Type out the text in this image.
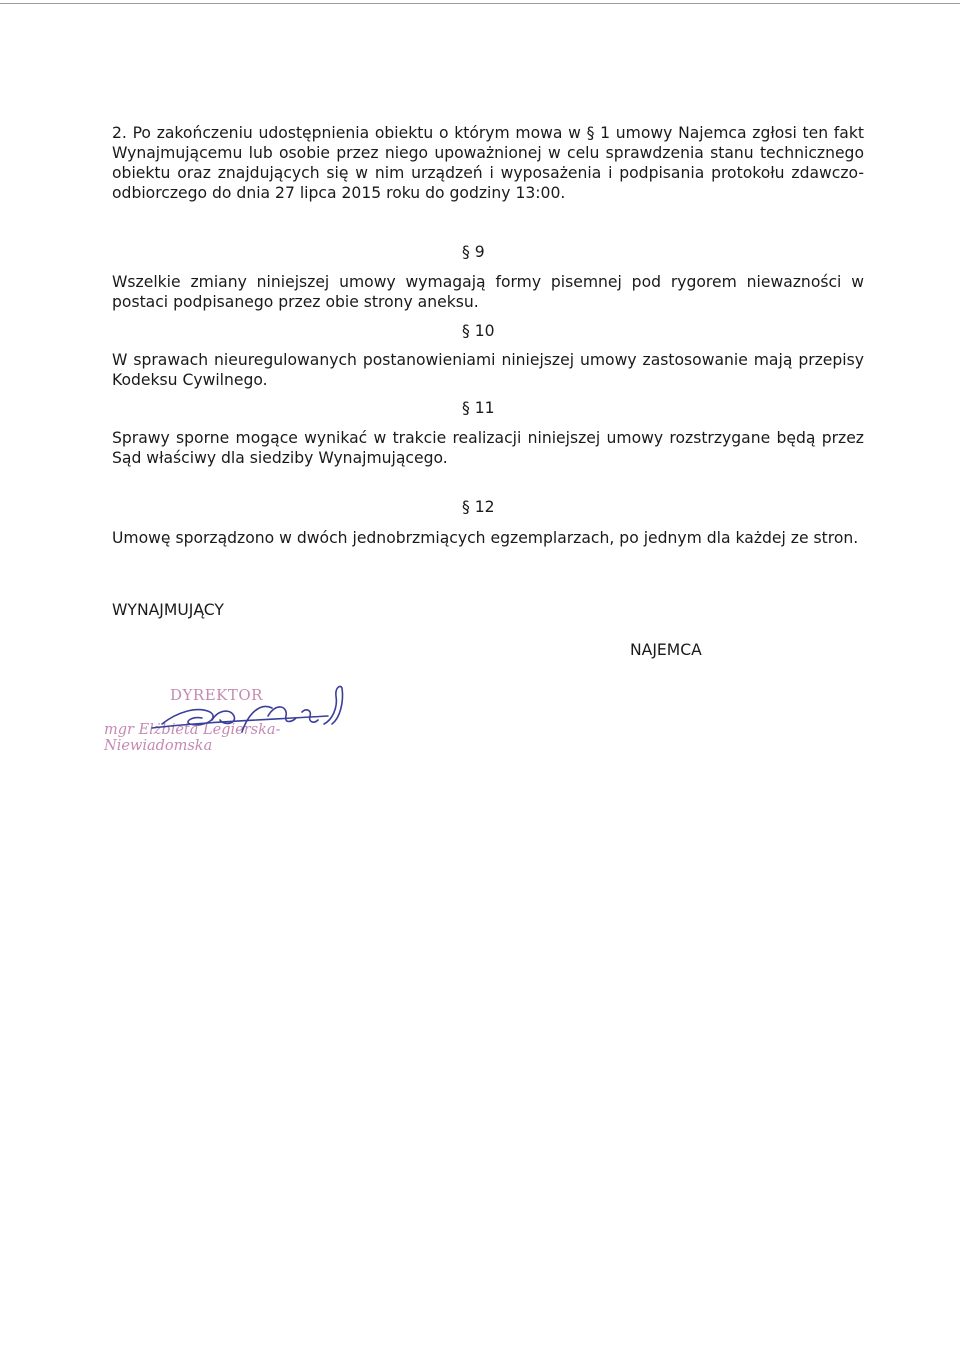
2. Po zakończeniu udostępnienia obiektu o którym mowa w § 1 umowy Najemca zgłosi ten fakt Wynajmującemu lub osobie przez niego upoważnionej w celu sprawdzenia stanu technicznego obiektu oraz znajdujących się w nim urządzeń i wyposażenia i podpisania protokołu zdawczo-odbiorczego do dnia 27 lipca 2015 roku do godziny 13:00.

§ 9

Wszelkie zmiany niniejszej umowy wymagają formy pisemnej pod rygorem niewazności w postaci podpisanego przez obie strony aneksu.

§ 10

W sprawach nieuregulowanych postanowieniami niniejszej umowy zastosowanie mają przepisy Kodeksu Cywilnego.

§ 11

Sprawy sporne mogące wynikać w trakcie realizacji niniejszej umowy rozstrzygane będą przez Sąd właściwy dla siedziby Wynajmującego.

§ 12

Umowę sporządzono w dwóch jednobrzmiących egzemplarzach, po jednym dla każdej ze stron.

WYNAJMUJĄCY

NAJEMCA

DYREKTOR
mgr Elżbieta Legierska-Niewiadomska
